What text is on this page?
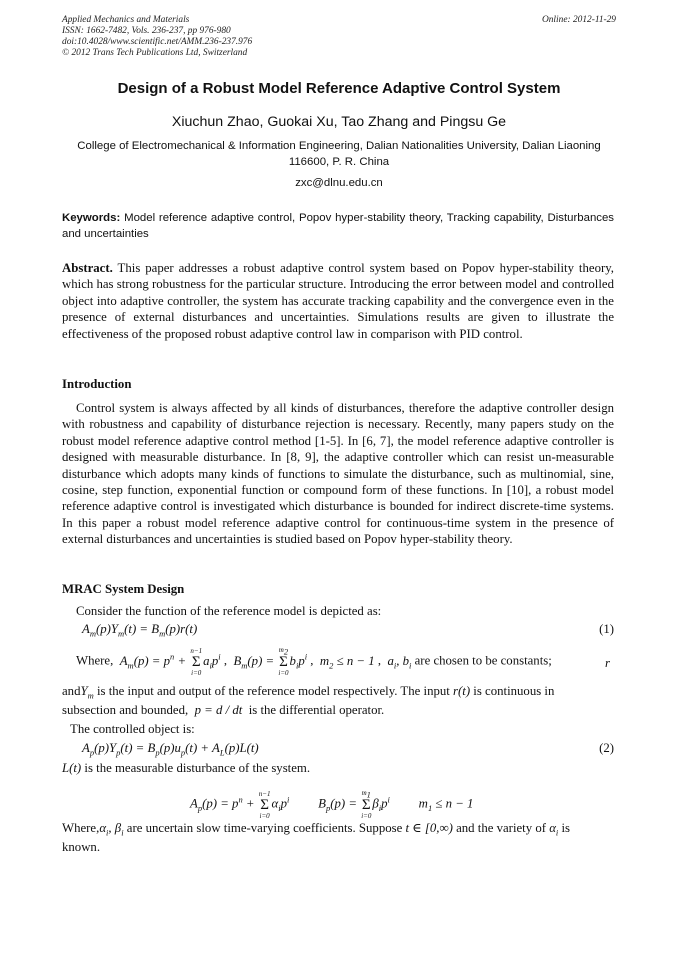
Applied Mechanics and Materials
ISSN: 1662-7482, Vols. 236-237, pp 976-980
doi:10.4028/www.scientific.net/AMM.236-237.976
© 2012 Trans Tech Publications Ltd, Switzerland
Online: 2012-11-29
Design of a Robust Model Reference Adaptive Control System
Xiuchun Zhao, Guokai Xu, Tao Zhang and Pingsu Ge
College of Electromechanical & Information Engineering, Dalian Nationalities University, Dalian Liaoning 116600, P. R. China
zxc@dlnu.edu.cn
Keywords: Model reference adaptive control, Popov hyper-stability theory, Tracking capability, Disturbances and uncertainties
Abstract. This paper addresses a robust adaptive control system based on Popov hyper-stability theory, which has strong robustness for the particular structure. Introducing the error between model and controlled object into adaptive controller, the system has accurate tracking capability and the convergence even in the presence of external disturbances and uncertainties. Simulations results are given to illustrate the effectiveness of the proposed robust adaptive control law in comparison with PID control.
Introduction
Control system is always affected by all kinds of disturbances, therefore the adaptive controller design with robustness and capability of disturbance rejection is necessary. Recently, many papers study on the robust model reference adaptive control method [1-5]. In [6, 7], the model reference adaptive controller is designed with measurable disturbance. In [8, 9], the adaptive controller which can resist un-measurable disturbance which adopts many kinds of functions to simulate the disturbance, such as multinomial, sine, cosine, step function, exponential function or compound form of these functions. In [10], a robust model reference adaptive control is investigated which disturbance is bounded for indirect discrete-time systems. In this paper a robust model reference adaptive control for continuous-time system in the presence of external disturbances and uncertainties is studied based on Popov hyper-stability theory.
MRAC System Design
Consider the function of the reference model is depicted as:
$A_m(p)Y_m(t) = B_m(p)r(t)$	(1)
Where, $A_m(p) = p^n$ +
n−1
Σ
i=0
$a_ip^i$ ,  $B_m(p)$ =
$m_2$
Σ
i=0
$b_ip^i$ ,  $m_2 \le n - 1$ ,  $a_i$, $b_i$ are chosen to be constants;	r
andY$_m$ is the input and output of the reference model respectively. The input r(t) is continuous in
subsection and bounded, p = d / dt is the differential operator.
The controlled object is:
$A_p(p)Y_p(t) = B_p(p)u_p(t) + A_L(p)L(t)$	(2)
L(t) is the measurable disturbance of the system.
$A_p(p) = p^n$ +
n−1
Σ
i=0
$\alpha_ip^i$         $B_p(p)$ =
$m_1$
Σ
i=0
$\beta_ip^i$         $m_1 \le n - 1$
$Where,\alpha_i$, $\beta_i$ are uncertain slow time-varying coefficients. Suppose t ∈ [0,∞) and the variety of $\alpha_i$ is
known.
